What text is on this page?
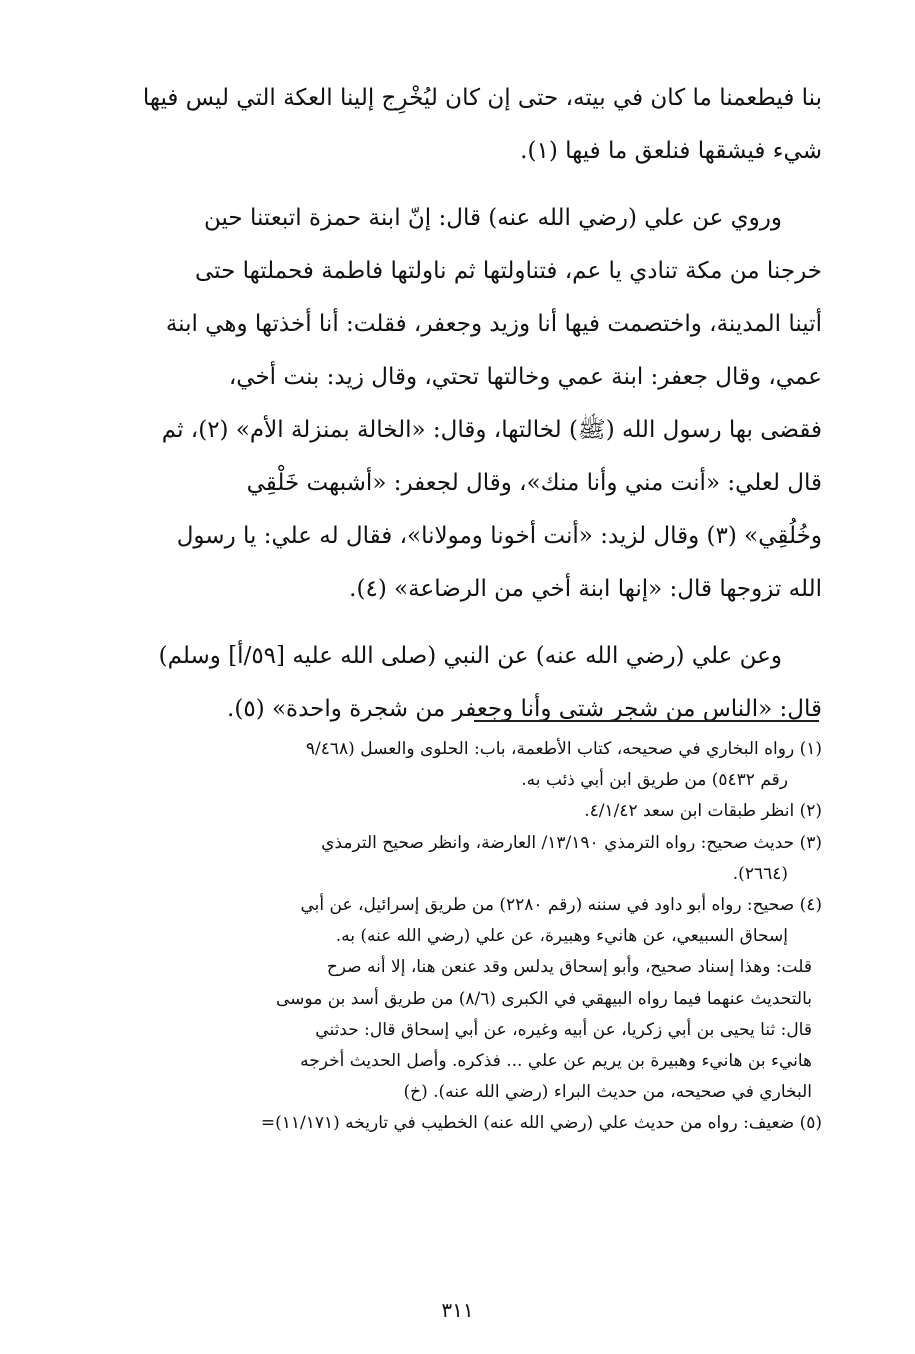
بنا فيطعمنا ما كان في بيته، حتى إن كان ليُخْرِج إلينا العكة التي ليس فيها
شيء فيشقها فنلعق ما فيها (١).

وروي عن علي (رضي الله عنه) قال: إنّ ابنة حمزة اتبعتنا حين
خرجنا من مكة تنادي يا عم، فتناولتها ثم ناولتها فاطمة فحملتها حتى
أتينا المدينة، واختصمت فيها أنا وزيد وجعفر، فقلت: أنا أخذتها وهي ابنة
عمي، وقال جعفر: ابنة عمي وخالتها تحتي، وقال زيد: بنت أخي،
فقضى بها رسول الله (ﷺ) لخالتها، وقال: «الخالة بمنزلة الأم» (٢)، ثم
قال لعلي: «أنت مني وأنا منك»، وقال لجعفر: «أشبهت خَلْقِي
وخُلُقِي» (٣) وقال لزيد: «أنت أخونا ومولانا»، فقال له علي: يا رسول
الله تزوجها قال: «إنها ابنة أخي من الرضاعة» (٤).

وعن علي (رضي الله عنه) عن النبي (صلى الله عليه [٥٩/أ] وسلم)
قال: «الناس من شجر شتى وأنا وجعفر من شجرة واحدة» (٥).

(١) رواه البخاري في صحيحه، كتاب الأطعمة، باب: الحلوى والعسل (٩/٤٦٨
رقم ٥٤٣٢) من طريق ابن أبي ذئب به.
(٢) انظر طبقات ابن سعد ٤/١/٤٢.
(٣) حديث صحيح: رواه الترمذي ١٣/١٩٠/ العارضة، وانظر صحيح الترمذي
(٢٦٦٤).
(٤) صحيح: رواه أبو داود في سننه (رقم ٢٢٨٠) من طريق إسرائيل، عن أبي
إسحاق السبيعي، عن هانيء وهبيرة، عن علي (رضي الله عنه) به.
قلت: وهذا إسناد صحيح، وأبو إسحاق يدلس وقد عنعن هنا، إلا أنه صرح
بالتحديث عنهما فيما رواه البيهقي في الكبرى (٨/٦) من طريق أسد بن موسى
قال: ثنا يحيى بن أبي زكريا، عن أبيه وغيره، عن أبي إسحاق قال: حدثني
هانيء بن هانيء وهبيرة بن يريم عن علي ... فذكره. وأصل الحديث أخرجه
البخاري في صحيحه، من حديث البراء (رضي الله عنه). (خ)
(٥) ضعيف: رواه من حديث علي (رضي الله عنه) الخطيب في تاريخه (١١/١٧١)=
٣١١
